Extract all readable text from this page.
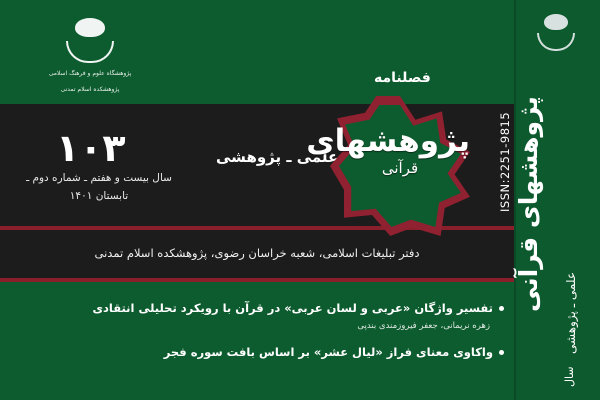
پژوهشگاه علوم و فرهنگ اسلامی
پژوهشکده اسلام تمدنی
فصلنامه
علمی ـ پژوهشی	ISSN:2251-9815
پژوهشهای
قرآنی
۱۰۳
سال بیست و هفتم ـ شماره دوم ـ تابستان ۱۴۰۱
دفتر تبلیغات اسلامی، شعبه خراسان رضوی، پژوهشکده اسلام تمدنی
تفسیر واژگان «عربی و لسان عربی» در قرآن با رویکرد تحلیلی انتقادی
زهره نریمانی، جعفر فیروزمندی بندپی
واکاوی معنای فراز «لیال عشر» بر اساس بافت سوره فجر
پژوهشهای قرآنی
علمی ـ پژوهشی
سال
